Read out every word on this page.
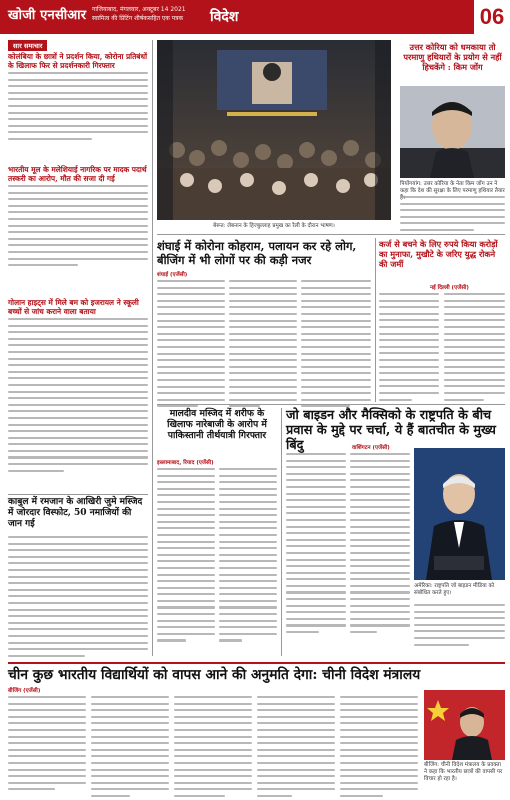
खोजी एनसीआर गाजियाबाद, मंगलवार, अक्टूबर 14 2021
स्वामित्व की प्रिंटिंग शीर्षकसहित एक पत्रक विदेश	06
सार समाचार
कोलंबिया के छात्रों ने प्रदर्शन किया, कोरोना प्रतिबंधों के खिलाफ फिर से प्रदर्शनकारी गिरफ्तार
भारतीय मूल के मलेशियाई नागरिक पर मादक पदार्थ तस्करी का आरोप, मौत की सजा दी गई
गोलान हाइट्स में मिले बम को इजरायल ने स्कूली बच्चों से जांच कराने वाला बताया
काबुल में रमजान के आखिरी जुमे मस्जिद में जोरदार विस्फोट, 50 नमाजियों की जान गई
बेरूत: लेबनान के हिज्बुल्लाह प्रमुख का रैली के दौरान भाषण।
उत्तर कोरिया को धमकाया तो परमाणु हथियारों के प्रयोग से नहीं हिचकेंगे : किम जोंग
पियोंगयांग: उत्तर कोरिया के नेता किम जोंग उन ने कहा कि देश की सुरक्षा के लिए परमाणु हथियार तैयार
शंघाई में कोरोना कोहराम, पलायन कर रहे लोग, बीजिंग में भी लोगों पर की कड़ी नजर
शंघाई (एजेंसी)
कर्ज से बचने के लिए रुपये किया करोड़ों का मुनाफा, मुखौटे के जरिए युद्ध रोकने की जमीं
नई दिल्ली (एजेंसी)
मालदीव मस्जिद में शरीफ के खिलाफ नारेबाजी के आरोप में पाकिस्तानी तीर्थयात्री गिरफ्तार
इस्लामाबाद, रियाद (एजेंसी)
जो बाइडन और मैक्सिको के राष्ट्रपति के बीच प्रवास के मुद्दे पर चर्चा, ये हैं बातचीत के मुख्य बिंदु	वाशिंगटन (एजेंसी)
अमेरिका: राष्ट्रपति जो बाइडन मीडिया को संबोधित करते हुए।
चीन कुछ भारतीय विद्यार्थियों को वापस आने की अनुमति देगा: चीनी विदेश मंत्रालय
बीजिंग (एजेंसी)
बीजिंग: चीनी विदेश मंत्रालय के प्रवक्ता ने कहा कि भारतीय छात्रों की वापसी पर विचार हो रहा है।
